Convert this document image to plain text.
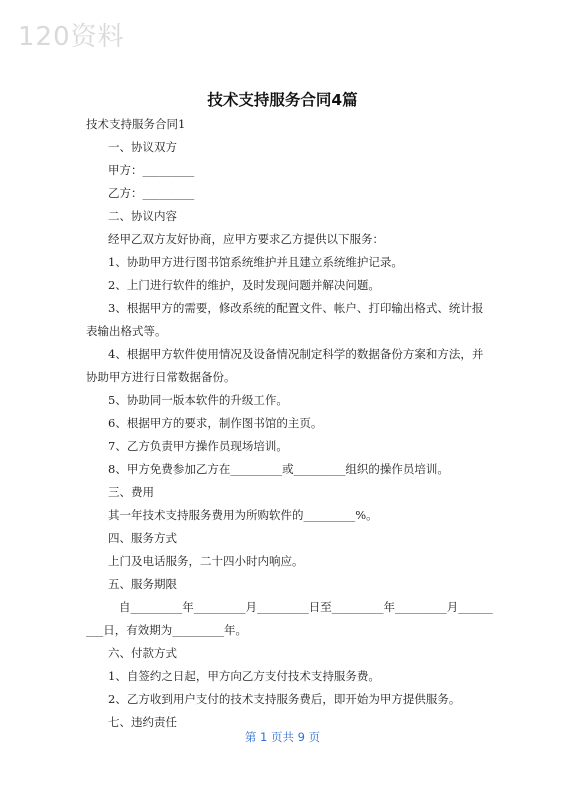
120资料
技术支持服务合同4篇
技术支持服务合同1
一、协议双方
甲方：_________
乙方：_________
二、协议内容
经甲乙双方友好协商，应甲方要求乙方提供以下服务：
1、协助甲方进行图书馆系统维护并且建立系统维护记录。
2、上门进行软件的维护，及时发现问题并解决问题。
3、根据甲方的需要，修改系统的配置文件、帐户、打印输出格式、统计报
表输出格式等。
4、根据甲方软件使用情况及设备情况制定科学的数据备份方案和方法，并
协助甲方进行日常数据备份。
5、协助同一版本软件的升级工作。
6、根据甲方的要求，制作图书馆的主页。
7、乙方负责甲方操作员现场培训。
8、甲方免费参加乙方在_________或_________组织的操作员培训。
三、费用
其一年技术支持服务费用为所购软件的_________%。
四、服务方式
上门及电话服务，二十四小时内响应。
五、服务期限
自_________年_________月_________日至_________年_________月______
___日，有效期为_________年。
六、付款方式
1、自签约之日起，甲方向乙方支付技术支持服务费。
2、乙方收到用户支付的技术支持服务费后，即开始为甲方提供服务。
七、违约责任
第 1 页共 9 页
